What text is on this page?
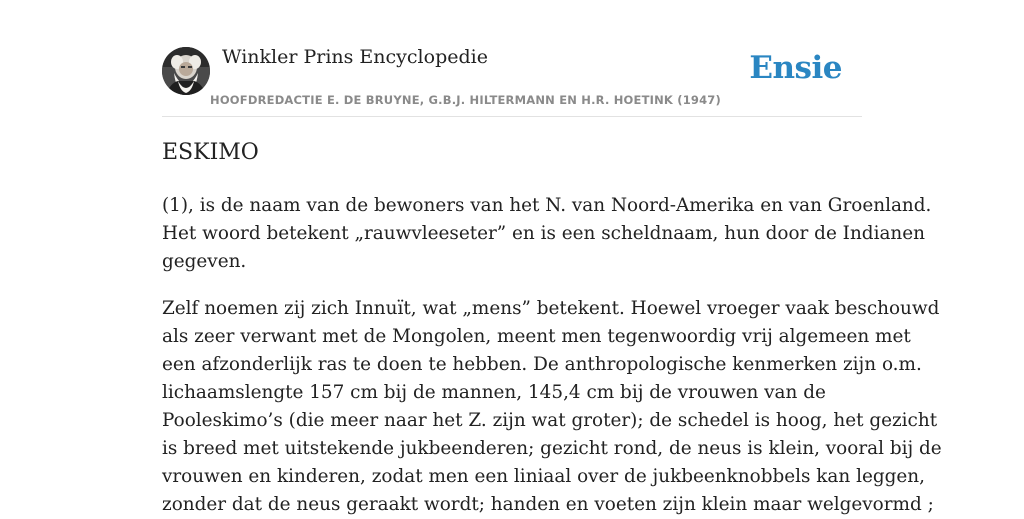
Winkler Prins Encyclopedie
HOOFDREDACTIE E. DE BRUYNE, G.B.J. HILTERMANN EN H.R. HOETINK (1947)
Ensie
ESKIMO

(1), is de naam van de bewoners van het N. van Noord-Amerika en van Groenland.
Het woord betekent „rauwvleeseter” en is een scheldnaam, hun door de Indianen
gegeven.

Zelf noemen zij zich Innuït, wat „mens” betekent. Hoewel vroeger vaak beschouwd
als zeer verwant met de Mongolen, meent men tegenwoordig vrij algemeen met
een afzonderlijk ras te doen te hebben. De anthropologische kenmerken zijn o.m.
lichaamslengte 157 cm bij de mannen, 145,4 cm bij de vrouwen van de
Pooleskimo’s (die meer naar het Z. zijn wat groter); de schedel is hoog, het gezicht
is breed met uitstekende jukbeenderen; gezicht rond, de neus is klein, vooral bij de
vrouwen en kinderen, zodat men een liniaal over de jukbeenknobbels kan leggen,
zonder dat de neus geraakt wordt; handen en voeten zijn klein maar welgevormd ;
